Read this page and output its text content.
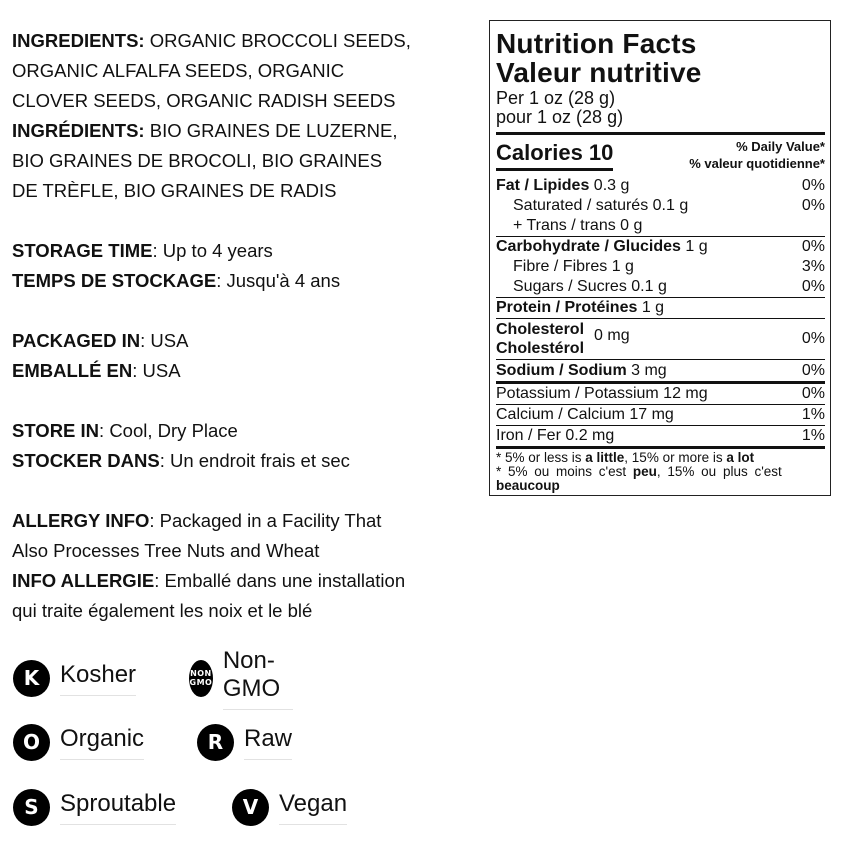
INGREDIENTS: ORGANIC BROCCOLI SEEDS,

ORGANIC ALFALFA SEEDS, ORGANIC

CLOVER SEEDS, ORGANIC RADISH SEEDS

INGRÉDIENTS: BIO GRAINES DE LUZERNE,

BIO GRAINES DE BROCOLI, BIO GRAINES

DE TRÈFLE, BIO GRAINES DE RADIS

STORAGE TIME: Up to 4 years

TEMPS DE STOCKAGE: Jusqu'à 4 ans

PACKAGED IN: USA

EMBALLÉ EN: USA

STORE IN: Cool, Dry Place

STOCKER DANS: Un endroit frais et sec

ALLERGY INFO: Packaged in a Facility That

Also Processes Tree Nuts and Wheat

INFO ALLERGIE: Emballé dans une installation

qui traite également les noix et le blé

K Kosher	NON
GMO
Non-GMO
O Organic	R Raw
S Sproutable	V Vegan
Nutrition Facts
Valeur nutritive
Per 1 oz (28 g)
pour 1 oz (28 g)
Calories 10	% Daily Value*
% valeur quotidienne*
Fat / Lipides 0.3 g	0%
Saturated / saturés 0.1 g	0%
+ Trans / trans 0 g
Carbohydrate / Glucides 1 g	0%
Fibre / Fibres 1 g	3%
Sugars / Sucres 0.1 g	0%
Protein / Protéines 1 g
Cholesterol
Cholestérol
0 mg	0%
Sodium / Sodium 3 mg	0%
Potassium / Potassium 12 mg	0%
Calcium / Calcium 17 mg	1%
Iron / Fer 0.2 mg	1%
* 5% or less is a little, 15% or more is a lot
* 5% ou moins c'est peu, 15% ou plus c'est
beaucoup
